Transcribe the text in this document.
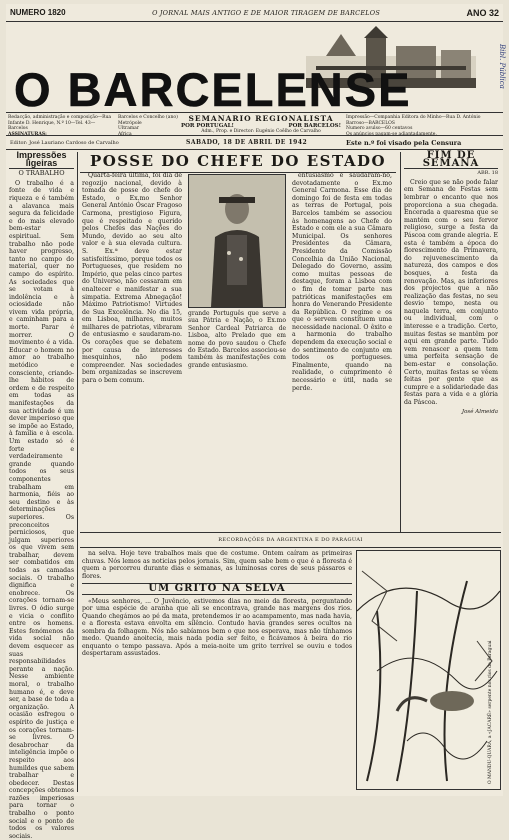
NUMERO 1820	O JORNAL MAIS ANTIGO E DE MAIOR TIRAGEM DE BARCELOS	ANO 32
O BARCELENSE
Redacção, administração e composição—Rua Infante D. Henrique, N.º 10—Tel. 43—Barcelos
ASSINATURAS:
Barcelos e Concelho (ano)
Metrópole
Ultramar
Africa
SEMANARIO REGIONALISTA
POR PORTUGAL!	POR BARCELOS!
Adm., Prop. e Director: Eugénio Coêlho de Carvalho
Impressão—Companhia Editora do Minho—Rua D. António Barroso—BARCELOS
Numero avulso—60 centavos
Os anúncios pagam-se adiantadamente.
Editor: José Lauriano Cardoso de Carvalho	SABADO, 18 DE ABRIL DE 1942	Este n.º foi visado pela Censura
Impressões ligeiras
O TRABALHO

O trabalho é a fonte de vida e riqueza e é também a alavanca mais segura da felicidade e do mais elevado bem-estar espiritual. Sem trabalho não pode haver progresso, tanto no campo do material, quer no campo do espírito. As sociedades que se votam à indolência e à ociosidade não vivem vida própria, e caminham para a morte. Parar é morrer. O movimento é a vida. Educar o homem no amor ao trabalho metódico e consciente, criando-lhe hábitos de ordem e de respeito em todas as manifestações da sua actividade é um dever imperioso que se impõe ao Estado, à família e à escola. Um estado só é forte e verdadeiramente grande quando todos os seus componentes trabalham em harmonia, fiéis ao seu destino e às determinações superiores. Os preconceitos perniciosos, que julgam superiores os que vivem sem trabalhar, devem ser combatidos em todas as camadas sociais. O trabalho dignifica e enobrece. Os corações tornam-se livres. O ódio surge e vicia o conflito entre os homens. Estes fenómenos da vida social não devem esquecer as suas responsabilidades perante a nação. Nesse ambiente moral, o trabalho humano é, e deve ser, a base de toda a organização. A ocasião esfregou o espírito de justiça e os corações tornam-se livres. O desabrochar da inteligência impõe o respeito aos humildes que sabem trabalhar e obedecer. Destas concepções obtemos razões imperiosas para tornar o trabalho o ponto social e o ponto de todos os valores sociais.

POSSE DO CHEFE DO ESTADO

Quarta-feira última, foi dia de regozijo nacional, devido à tomada de posse do chefe do Estado, o Ex.mo Senhor General António Óscar Fragoso Carmona, prestigioso Figura, que é respeitado e querido pelos Chefes das Nações do Mundo, devido ao seu alto valor e à sua elevada cultura. S. Ex.ª deve estar satisfeitíssimo, porque todos os Portugueses, que residem no Império, que pelas cinco partes do Universo, não cessaram em enaltecer e manifestar a sua simpatia. Extrema Abnegação! Máximo Patriotismo! Virtudes de Sua Excelência. No dia 15, em Lisboa, milhares, muitos milhares de patriotas, vibraram de entusiasmo e saudaram-no. Os corações que se debatem por causa de interesses mesquinhos, não podem compreender. Nas sociedades bem organizadas se inscrevem para o bem comum.

grande Português que serve a sua Pátria e Nação, o Ex.mo Senhor Cardeal Patriarca de Lisboa, alto Prelado que em nome do povo saudou o Chefe do Estado. Barcelos associou-se também às manifestações com grande entusiasmo.

entusiasmo e saudaram-no, devotadamente o Ex.mo General Carmona. Esse dia de domingo foi de festa em todas as terras de Portugal, pois Barcelos também se associou às homenagens ao Chefe do Estado e com ele a sua Câmara Municipal. Os senhores Presidentes da Câmara, Presidente da Comissão Concelhia da União Nacional, Delegado do Governo, assim como muitas pessoas de destaque, foram a Lisboa com o fim de tomar parte nas patrióticas manifestações em honra do Venerando Presidente da República. O regime e os que o servem constituem uma necessidade nacional. O êxito e a harmonia do trabalho dependem da execução social e do sentimento de conjunto em todos os portugueses. Finalmente, quando na realidade, o cumprimento é necessário e útil, nada se perde.

FIM DE SEMANA
ABR. 18

Creio que se não pode falar em Semana de Festas sem lembrar o encanto que nos proporciona a sua chegada. Encerada a quaresma que se mantém com o seu fervor religioso, surge a festa da Páscoa com grande alegria. E esta é também a época do florescimento da Primavera, do rejuvenescimento da natureza, dos campos e dos bosques, a festa da renovação. Mas, as inferiores dos projectos que a não realização das festas, no seu desvio tempo, nesta ou naquela terra, em conjunto ou individual, com o interesse e a tradição. Certo, muitas festas se mantêm por aqui em grande parte. Tudo vem renascer a quem tem uma perfeita sensação de bem-estar e consolação. Certo, muitas festas se vêem feitas por gente que as cumpre e a solidariedade das festas para a vida e a glória da Páscoa.

José Almeida
RECORDAÇÕES DA ARGENTINA E DO PARAGUAI

na selva. Hoje teve trabalhos mais que de costume. Ontem caíram as primeiras chuvas. Nós lemos as noticias pelos jornais. Sim, quem sabe bem o que é a floresta é quem a percorreu durante dias e semanas, as luminosas cores de seus pássaros e flores.

UM GRITO NA SELVA

«Meus senhores, ... O Juvêncio, estivemos dias no meio da floresta, perguntando por uma espécie de aranha que ali se encontrava, grande nas margens dos rios. Quando chegámos ao pé da mata, pretendemos ir ao acampamento, mas nada havia, e a floresta estava envolta em silêncio. Contudo havia grandes seres ocultos na sombra da folhagem. Nós não sabíamos bem o que nos esperava, mas não tínhamos medo. Quando anoitecia, mais nada podia ser feito, e ficávamos à beira do rio enquanto o tempo passava. Após a meia-noite um grito terrível se ouviu e todos despertaram assustados.	O MANDU-QUARÁ, a «JACARÉ» serpente nos rios do Paraguai
Bibl. Pública
